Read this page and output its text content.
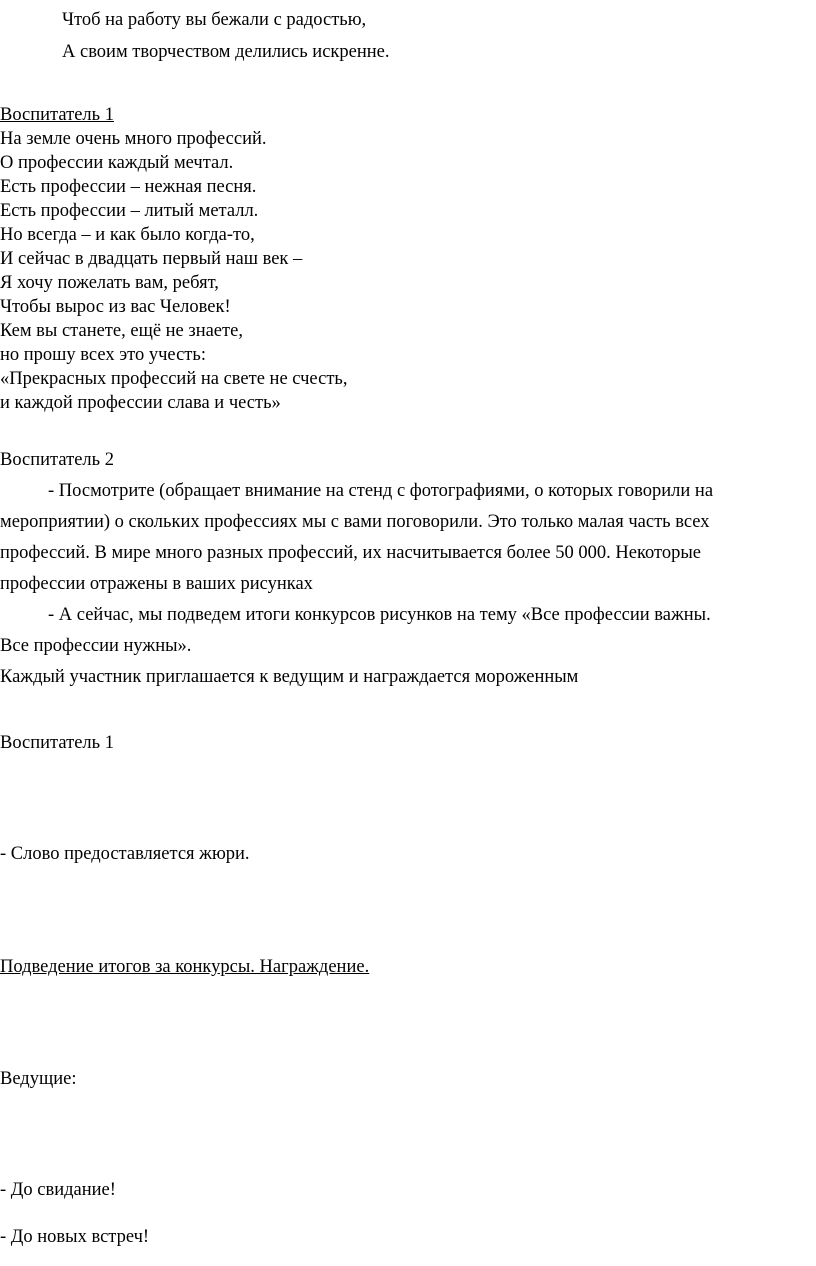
Чтоб на работу вы бежали с радостью,
А своим творчеством делились искренне.
Воспитатель 1
На земле очень много профессий.
О профессии каждый мечтал.
Есть профессии – нежная песня.
Есть профессии – литый металл.
Но всегда – и как было когда-то,
И сейчас в двадцать первый наш век –
Я хочу пожелать вам, ребят,
Чтобы вырос из вас Человек!
Кем вы станете, ещё не знаете,
но прошу всех это учесть:
«Прекрасных профессий на свете не счесть,
и каждой профессии слава и честь»
Воспитатель 2
- Посмотрите (обращает внимание на стенд с фотографиями, о которых говорили на
мероприятии) о скольких профессиях мы с вами поговорили. Это только малая часть всех
профессий. В мире много разных профессий, их насчитывается более 50 000. Некоторые
профессии отражены в ваших рисунках
- А сейчас, мы подведем итоги конкурсов рисунков на тему «Все профессии важны.
Все профессии нужны».
Каждый участник приглашается к ведущим и награждается мороженным
Воспитатель 1
- Слово предоставляется жюри.
Подведение итогов за конкурсы. Награждение.
Ведущие:
- До свидание!
- До новых встреч!
